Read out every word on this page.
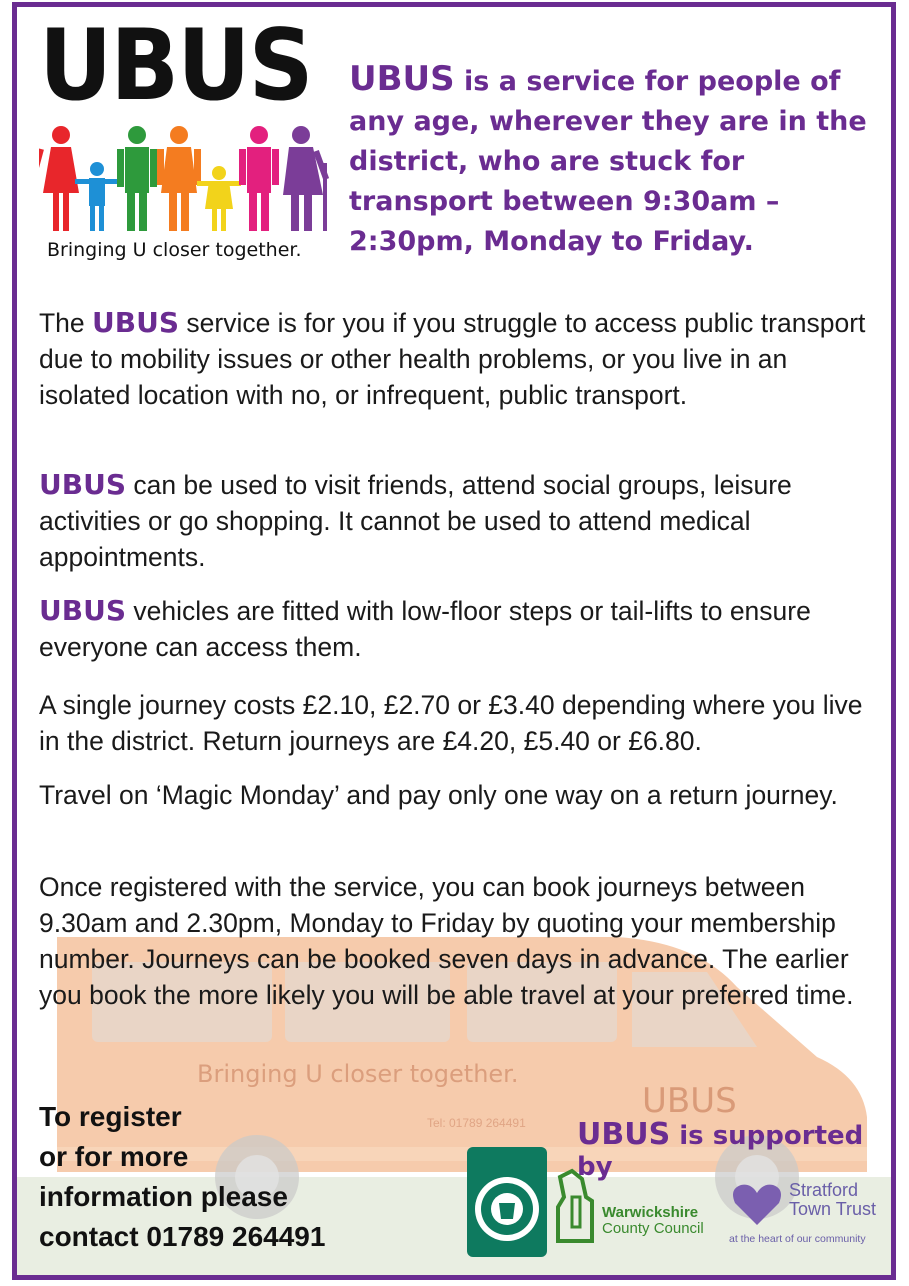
Bringing U closer together.
Tel: 01789 264491
UBUS
UBUS
Bringing U closer together.
UBUS is a service for people of any age, wherever they are in the district, who are stuck for transport between 9:30am – 2:30pm, Monday to Friday.

The UBUS service is for you if you struggle to access public transport due to mobility issues or other health problems, or you live in an isolated location with no, or infrequent, public transport.

UBUS can be used to visit friends, attend social groups, leisure activities or go shopping. It cannot be used to attend medical appointments.

UBUS vehicles are fitted with low-floor steps or tail-lifts to ensure everyone can access them.

A single journey costs £2.10, £2.70 or £3.40 depending where you live in the district. Return journeys are £4.20, £5.40 or £6.80.

Travel on ‘Magic Monday’ and pay only one way on a return journey.

Once registered with the service, you can book journeys between 9.30am and 2.30pm, Monday to Friday by quoting your membership number. Journeys can be booked seven days in advance. The earlier you book the more likely you will be able travel at your preferred time.

To register
or for more
information please
contact 01789 264491
UBUS is supported by
Warwickshire
County Council
Stratford
Town Trust
at the heart of our community
